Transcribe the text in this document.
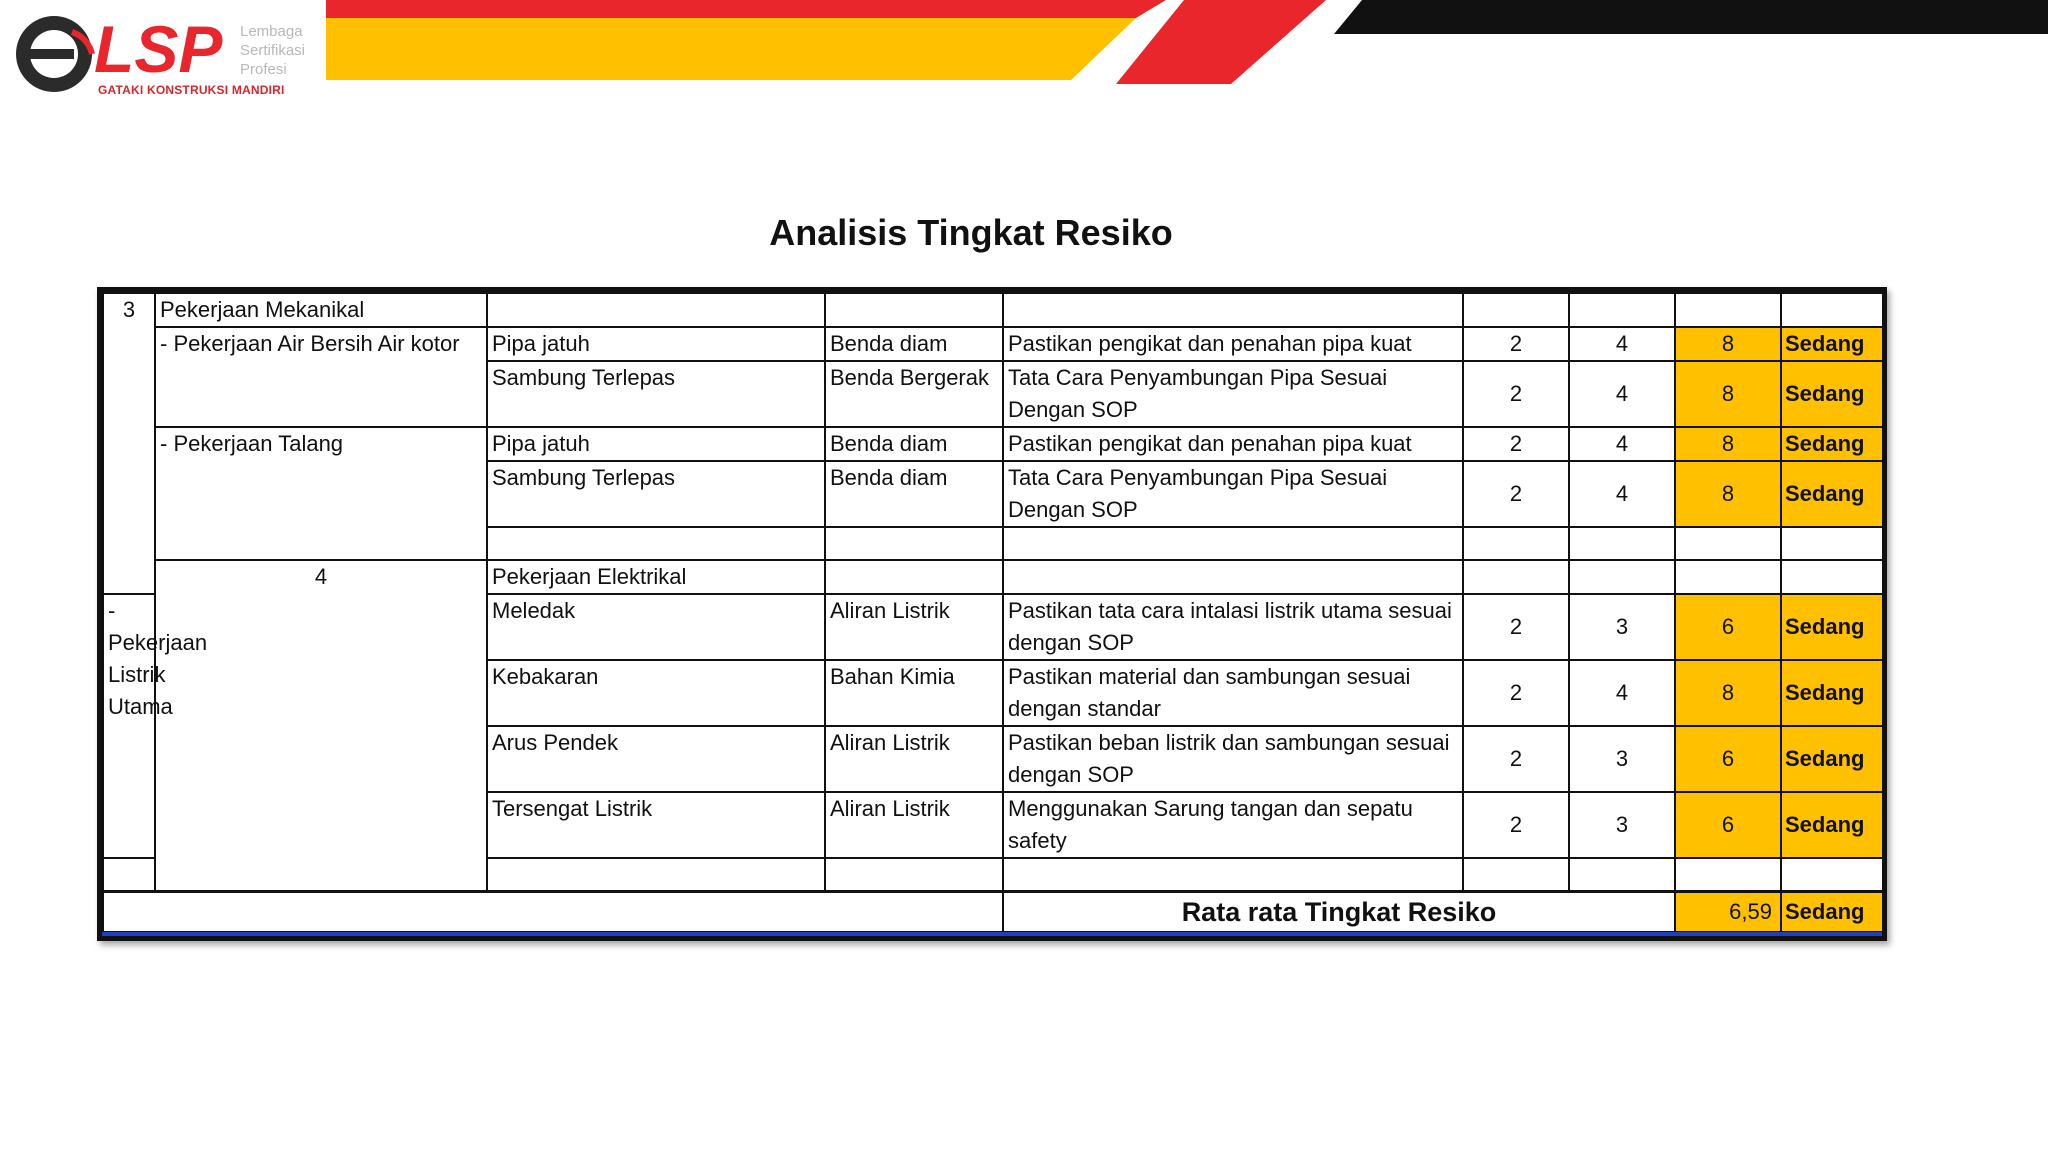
LSP Lembaga
Sertifikasi
Profesi
GATAKI KONSTRUKSI MANDIRI
Analisis Tingkat Resiko
3	Pekerjaan Mekanikal								
	- Pekerjaan Air Bersih Air kotor	Pipa jatuh	Benda diam	Pastikan pengikat dan penahan pipa kuat	2	4	8	Sedang	
		Sambung Terlepas	Benda Bergerak	Tata Cara Penyambungan Pipa Sesuai Dengan SOP	2	4	8	Sedang	
	- Pekerjaan Talang	Pipa jatuh	Benda diam	Pastikan pengikat dan penahan pipa kuat	2	4	8	Sedang	
		Sambung Terlepas	Benda diam	Tata Cara Penyambungan Pipa Sesuai Dengan SOP	2	4	8	Sedang	

	4	Pekerjaan Elektrikal							
- Pekerjaan Listrik Utama		Meledak	Aliran Listrik	Pastikan tata cara intalasi listrik utama sesuai dengan SOP	2	3	6	Sedang	
		Kebakaran	Bahan Kimia	Pastikan material dan sambungan sesuai dengan standar	2	4	8	Sedang	
		Arus Pendek	Aliran Listrik	Pastikan beban listrik dan sambungan sesuai dengan SOP	2	3	6	Sedang	
		Tersengat Listrik	Aliran Listrik	Menggunakan Sarung tangan dan sepatu safety	2	3	6	Sedang	

				Rata rata Tingkat Resiko			6,59	Sedang	
